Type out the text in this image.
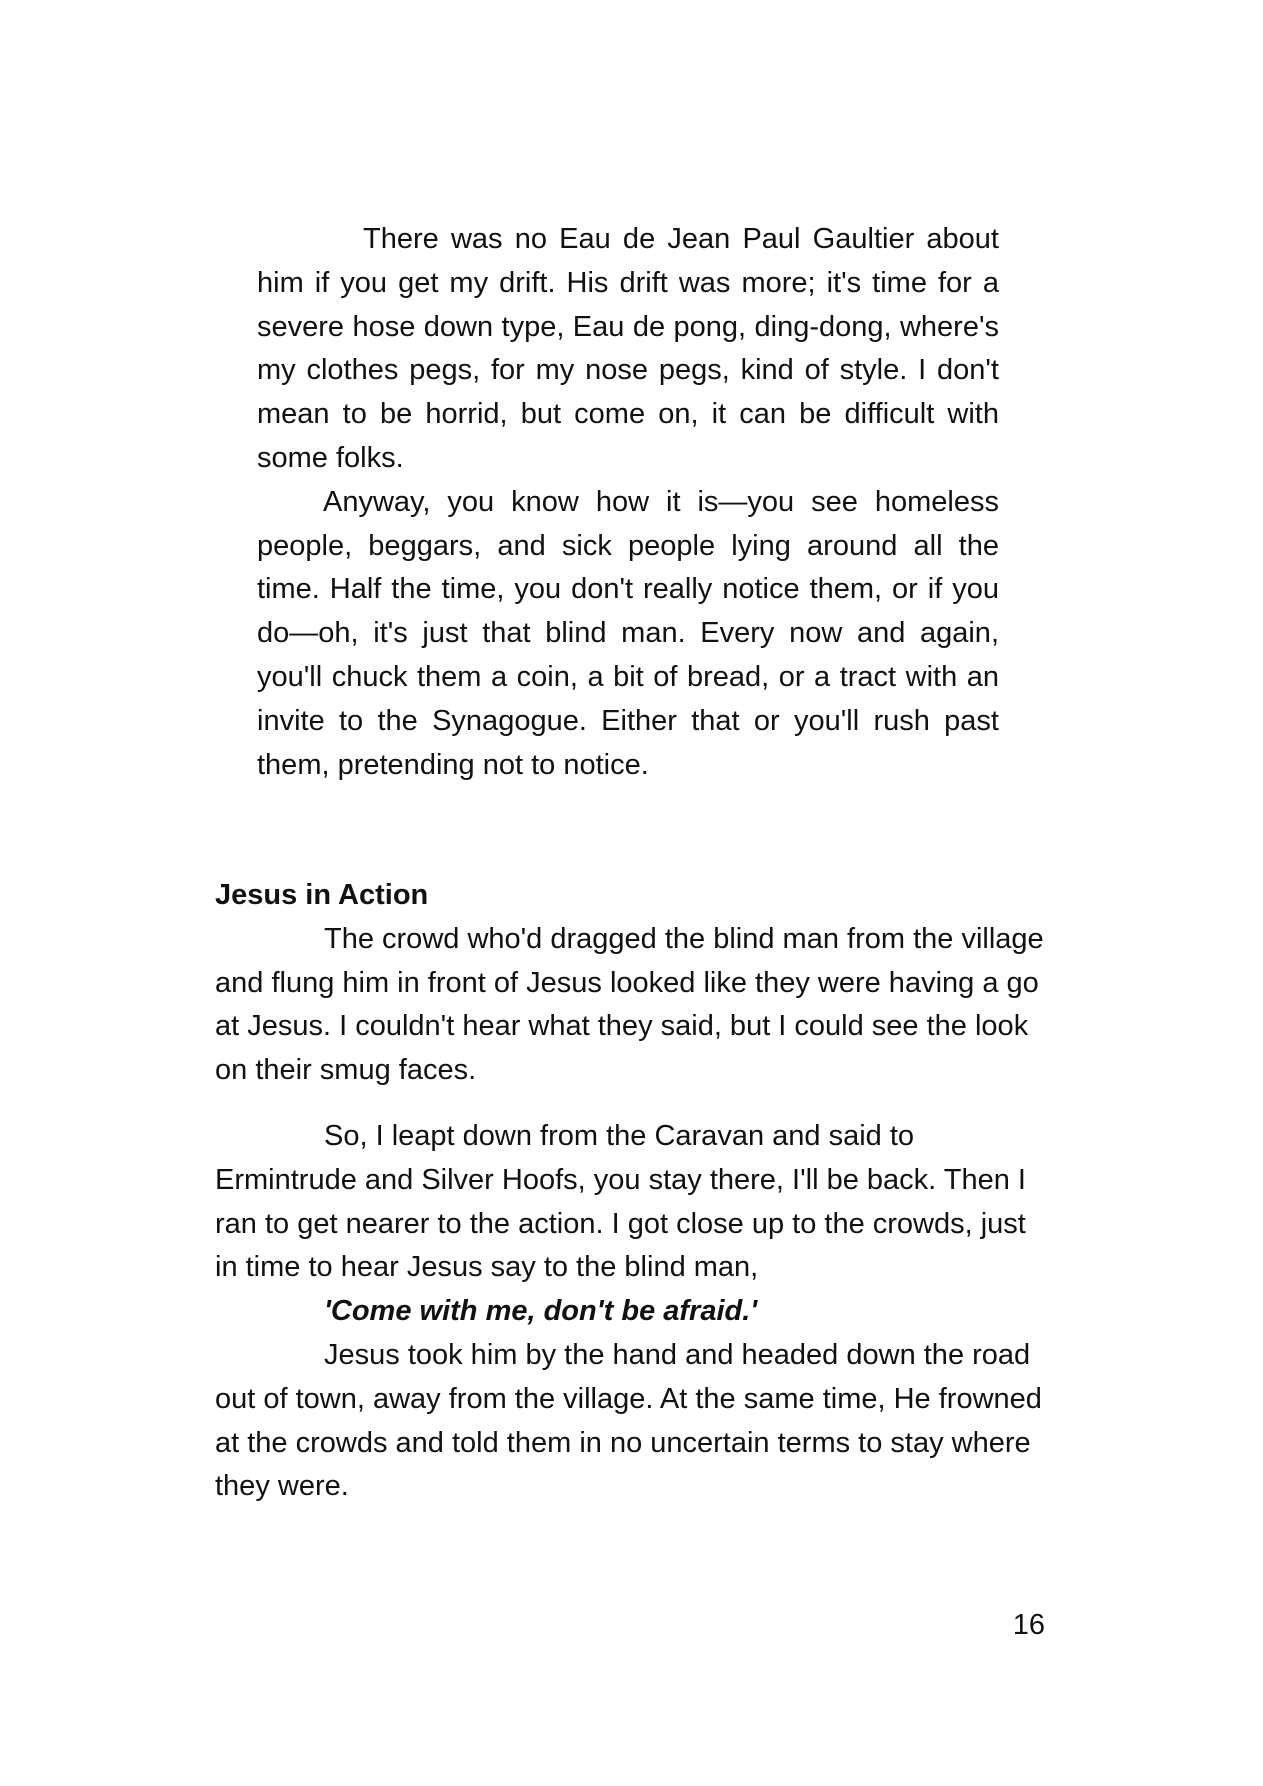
There was no Eau de Jean Paul Gaultier about him if you get my drift. His drift was more; it's time for a severe hose down type, Eau de pong, ding-dong, where's my clothes pegs, for my nose pegs, kind of style. I don't mean to be horrid, but come on, it can be difficult with some folks.

Anyway, you know how it is—you see homeless people, beggars, and sick people lying around all the time. Half the time, you don't really notice them, or if you do—oh, it's just that blind man. Every now and again, you'll chuck them a coin, a bit of bread, or a tract with an invite to the Synagogue. Either that or you'll rush past them, pretending not to notice.

Jesus in Action

The crowd who'd dragged the blind man from the village and flung him in front of Jesus looked like they were having a go at Jesus. I couldn't hear what they said, but I could see the look on their smug faces.

So, I leapt down from the Caravan and said to Ermintrude and Silver Hoofs, you stay there, I'll be back. Then I ran to get nearer to the action. I got close up to the crowds, just in time to hear Jesus say to the blind man,

'Come with me, don't be afraid.'

Jesus took him by the hand and headed down the road out of town, away from the village. At the same time, He frowned at the crowds and told them in no uncertain terms to stay where they were.

16
